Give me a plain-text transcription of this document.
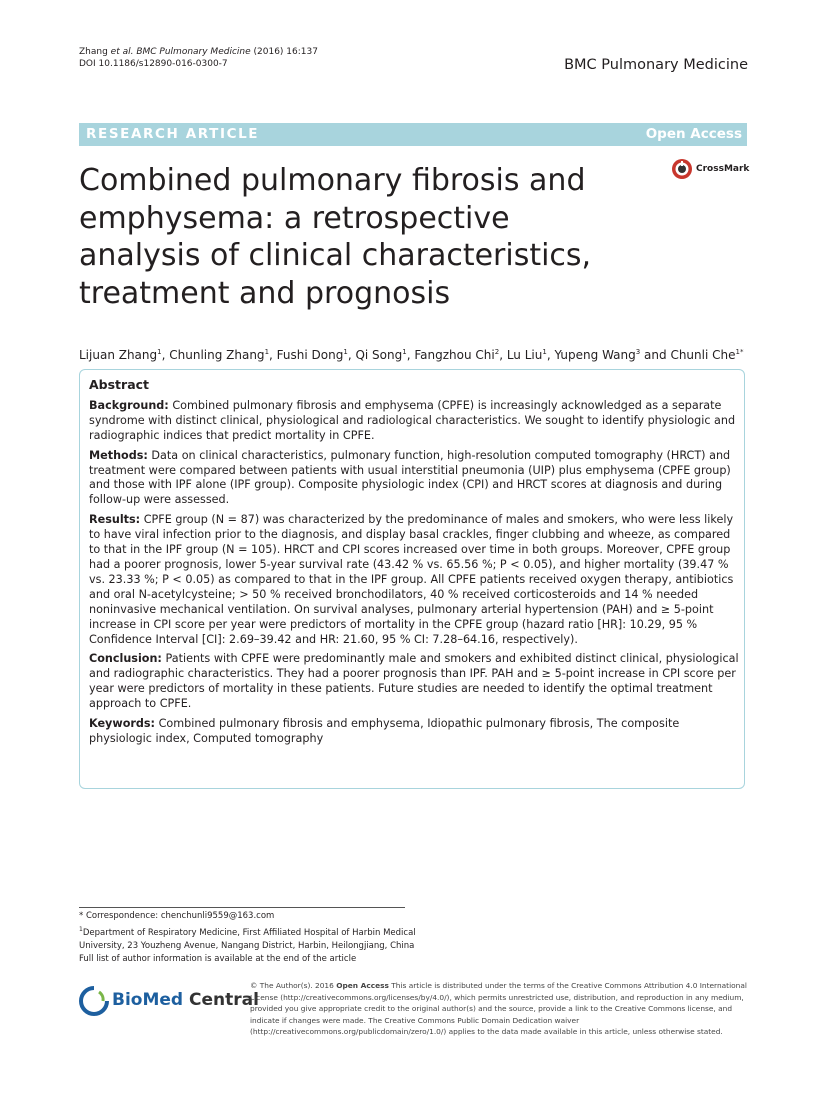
Zhang et al. BMC Pulmonary Medicine (2016) 16:137
DOI 10.1186/s12890-016-0300-7	BMC Pulmonary Medicine
RESEARCH ARTICLE	Open Access
CrossMark
Combined pulmonary fibrosis and emphysema: a retrospective analysis of clinical characteristics, treatment and prognosis
Lijuan Zhang$^1$, Chunling Zhang$^1$, Fushi Dong$^1$, Qi Song$^1$, Fangzhou Chi$^2$, Lu Liu$^1$, Yupeng Wang$^3$ and Chunli Che$^{1*}$
Abstract

Background: Combined pulmonary fibrosis and emphysema (CPFE) is increasingly acknowledged as a separate syndrome with distinct clinical, physiological and radiological characteristics. We sought to identify physiologic and radiographic indices that predict mortality in CPFE.

Methods: Data on clinical characteristics, pulmonary function, high-resolution computed tomography (HRCT) and treatment were compared between patients with usual interstitial pneumonia (UIP) plus emphysema (CPFE group) and those with IPF alone (IPF group). Composite physiologic index (CPI) and HRCT scores at diagnosis and during follow-up were assessed.

Results: CPFE group (N = 87) was characterized by the predominance of males and smokers, who were less likely to have viral infection prior to the diagnosis, and display basal crackles, finger clubbing and wheeze, as compared to that in the IPF group (N = 105). HRCT and CPI scores increased over time in both groups. Moreover, CPFE group had a poorer prognosis, lower 5-year survival rate (43.42 % vs. 65.56 %; P < 0.05), and higher mortality (39.47 % vs. 23.33 %; P < 0.05) as compared to that in the IPF group. All CPFE patients received oxygen therapy, antibiotics and oral N-acetylcysteine; > 50 % received bronchodilators, 40 % received corticosteroids and 14 % needed noninvasive mechanical ventilation. On survival analyses, pulmonary arterial hypertension (PAH) and ≥ 5-point increase in CPI score per year were predictors of mortality in the CPFE group (hazard ratio [HR]: 10.29, 95 % Confidence Interval [CI]: 2.69–39.42 and HR: 21.60, 95 % CI: 7.28–64.16, respectively).

Conclusion: Patients with CPFE were predominantly male and smokers and exhibited distinct clinical, physiological and radiographic characteristics. They had a poorer prognosis than IPF. PAH and ≥ 5-point increase in CPI score per year were predictors of mortality in these patients. Future studies are needed to identify the optimal treatment approach to CPFE.

Keywords: Combined pulmonary fibrosis and emphysema, Idiopathic pulmonary fibrosis, The composite physiologic index, Computed tomography

* Correspondence: chenchunli9559@163.com
$^1$Department of Respiratory Medicine, First Affiliated Hospital of Harbin Medical University, 23 Youzheng Avenue, Nangang District, Harbin, Heilongjiang, China
Full list of author information is available at the end of the article
BioMed Central
© The Author(s). 2016 Open Access This article is distributed under the terms of the Creative Commons Attribution 4.0 International License (http://creativecommons.org/licenses/by/4.0/), which permits unrestricted use, distribution, and reproduction in any medium, provided you give appropriate credit to the original author(s) and the source, provide a link to the Creative Commons license, and indicate if changes were made. The Creative Commons Public Domain Dedication waiver (http://creativecommons.org/publicdomain/zero/1.0/) applies to the data made available in this article, unless otherwise stated.
